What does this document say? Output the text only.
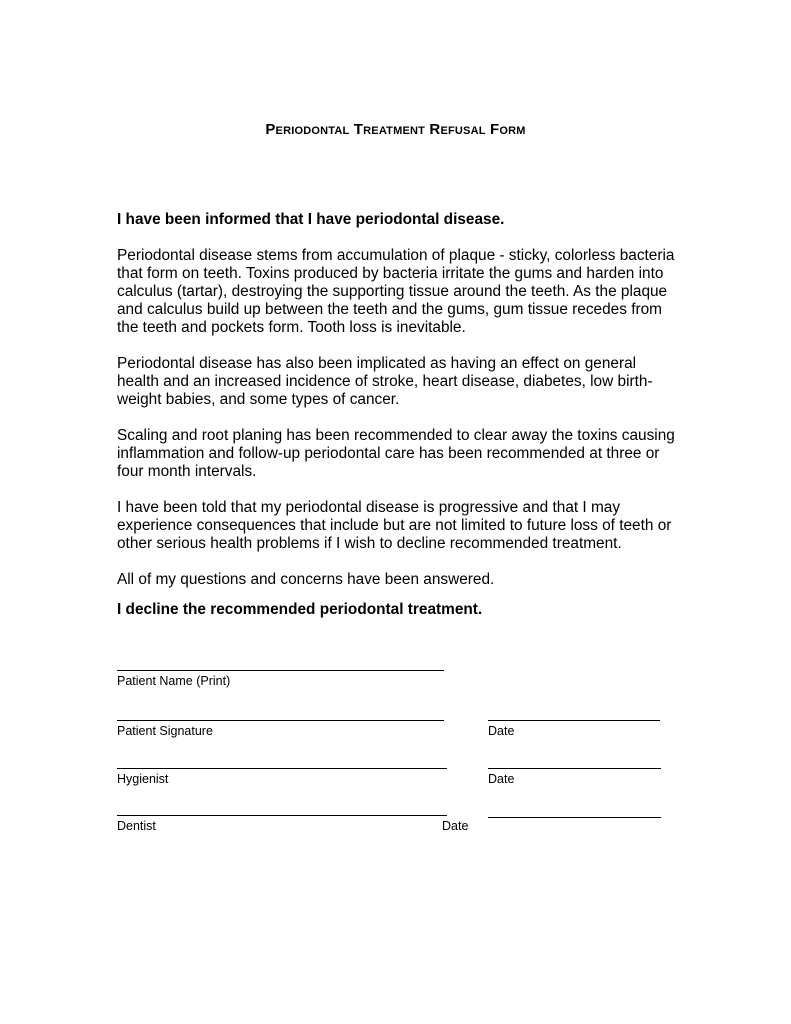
Periodontal Treatment Refusal Form

I have been informed that I have periodontal disease.

Periodontal disease stems from accumulation of plaque - sticky, colorless bacteria that form on teeth. Toxins produced by bacteria irritate the gums and harden into calculus (tartar), destroying the supporting tissue around the teeth. As the plaque and calculus build up between the teeth and the gums, gum tissue recedes from the teeth and pockets form. Tooth loss is inevitable.

Periodontal disease has also been implicated as having an effect on general health and an increased incidence of stroke, heart disease, diabetes, low birth-weight babies, and some types of cancer.

Scaling and root planing has been recommended to clear away the toxins causing inflammation and follow-up periodontal care has been recommended at three or four month intervals.

I have been told that my periodontal disease is progressive and that I may experience consequences that include but are not limited to future loss of teeth or other serious health problems if I wish to decline recommended treatment.

All of my questions and concerns have been answered.

I decline the recommended periodontal treatment.

Patient Name (Print)
Patient Signature	Date
Hygienist	Date
Dentist	Date
